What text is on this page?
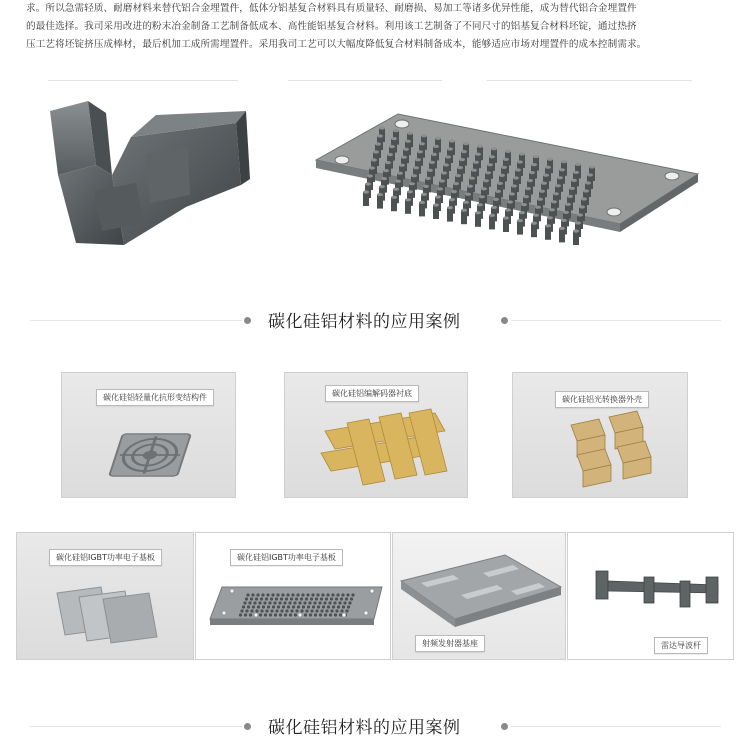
求。所以急需轻质、耐磨材料来替代铝合金埋置件，低体分铝基复合材料具有质量轻、耐磨损、易加工等诸多优异性能，成为替代铝合金埋置件

的最佳选择。我司采用改进的粉末冶金制备工艺制备低成本、高性能铝基复合材料。利用该工艺制备了不同尺寸的铝基复合材料坯锭，通过热挤

压工艺将坯锭挤压成棒材，最后机加工成所需埋置件。采用我司工艺可以大幅度降低复合材料制备成本，能够适应市场对埋置件的成本控制需求。

碳化硅铝材料的应用案例
碳化硅铝轻量化抗形变结构件	碳化硅铝编解码器衬底
碳化硅铝光转换器外壳
碳化硅铝IGBT功率电子基板	碳化硅铝IGBT功率电子基板
射频发射器基座	雷达导波杆
碳化硅铝材料的应用案例
